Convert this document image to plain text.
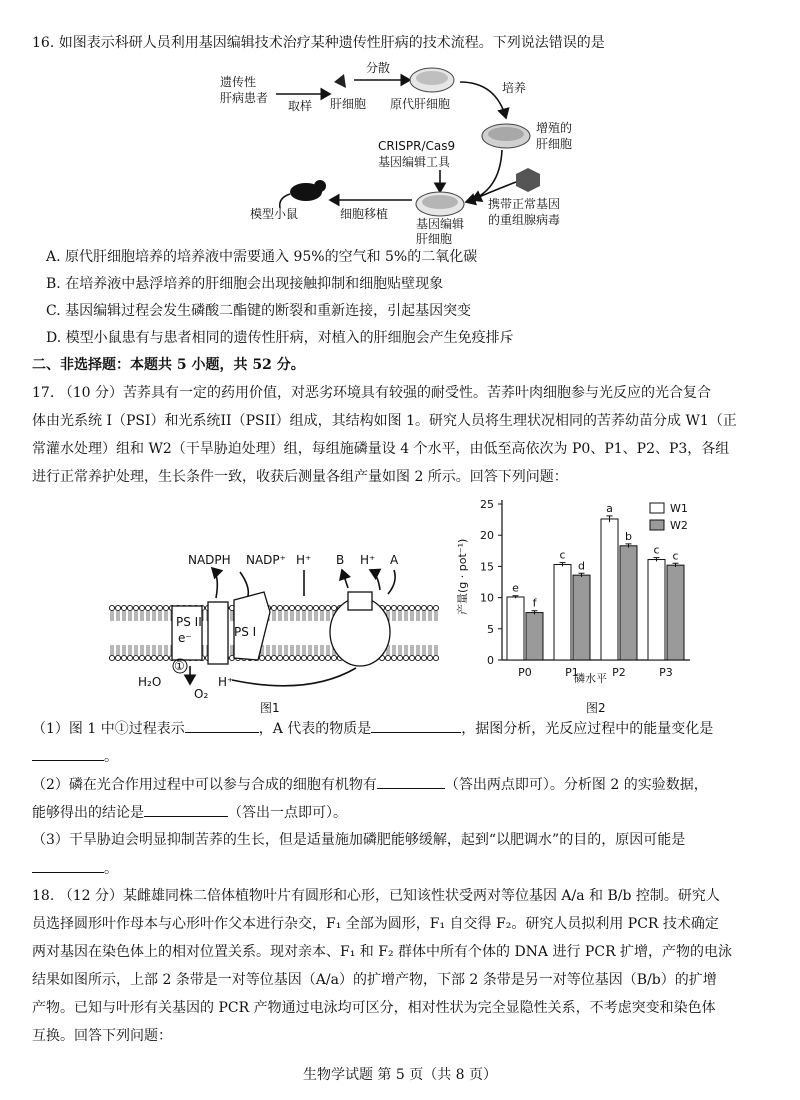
16. 如图表示科研人员利用基因编辑技术治疗某种遗传性肝病的技术流程。下列说法错误的是
遗传性
肝病患者
取样 肝细胞
分散
原代肝细胞
培养
增殖的
肝细胞
CRISPR/Cas9
基因编辑工具
携带正常基因
的重组腺病毒
基因编辑
肝细胞
细胞移植
模型小鼠
A. 原代肝细胞培养的培养液中需要通入 95%的空气和 5%的二氧化碳
B. 在培养液中悬浮培养的肝细胞会出现接触抑制和细胞贴壁现象
C. 基因编辑过程会发生磷酸二酯键的断裂和重新连接，引起基因突变
D. 模型小鼠患有与患者相同的遗传性肝病，对植入的肝细胞会产生免疫排斥
二、非选择题：本题共 5 小题，共 52 分。
17. （10 分）苦荞具有一定的药用价值，对恶劣环境具有较强的耐受性。苦荞叶肉细胞参与光反应的光合复合
体由光系统 I（PSI）和光系统II（PSII）组成，其结构如图 1。研究人员将生理状况相同的苦荞幼苗分成 W1（正
常灌水处理）组和 W2（干旱胁迫处理）组，每组施磷量设 4 个水平，由低至高依次为 P0、P1、P2、P3，各组
进行正常养护处理，生长条件一致，收获后测量各组产量如图 2 所示。回答下列问题：
PS II
e⁻	PS I
NADPH NADP⁺ H⁺ B H⁺ A
①
H₂O
O₂
H⁺
图1
0
5
10
15
20
25
e
f
c
d
a
b
c c
P0	P1	P2	P3
产量(g · pot⁻¹)
磷水平
W1
W2
图2
（1）图 1 中①过程表示	，A 代表的物质是	，据图分析，光反应过程中的能量变化是
。
（2）磷在光合作用过程中可以参与合成的细胞有机物有	（答出两点即可）。分析图 2 的实验数据，
能够得出的结论是	（答出一点即可）。
（3）干旱胁迫会明显抑制苦荞的生长，但是适量施加磷肥能够缓解，起到“以肥调水”的目的，原因可能是
。
18. （12 分）某雌雄同株二倍体植物叶片有圆形和心形，已知该性状受两对等位基因 A/a 和 B/b 控制。研究人
员选择圆形叶作母本与心形叶作父本进行杂交，F₁ 全部为圆形，F₁ 自交得 F₂。研究人员拟利用 PCR 技术确定
两对基因在染色体上的相对位置关系。现对亲本、F₁ 和 F₂ 群体中所有个体的 DNA 进行 PCR 扩增，产物的电泳
结果如图所示，上部 2 条带是一对等位基因（A/a）的扩增产物，下部 2 条带是另一对等位基因（B/b）的扩增
产物。已知与叶形有关基因的 PCR 产物通过电泳均可区分，相对性状为完全显隐性关系，不考虑突变和染色体
互换。回答下列问题：
生物学试题 第 5 页（共 8 页）
